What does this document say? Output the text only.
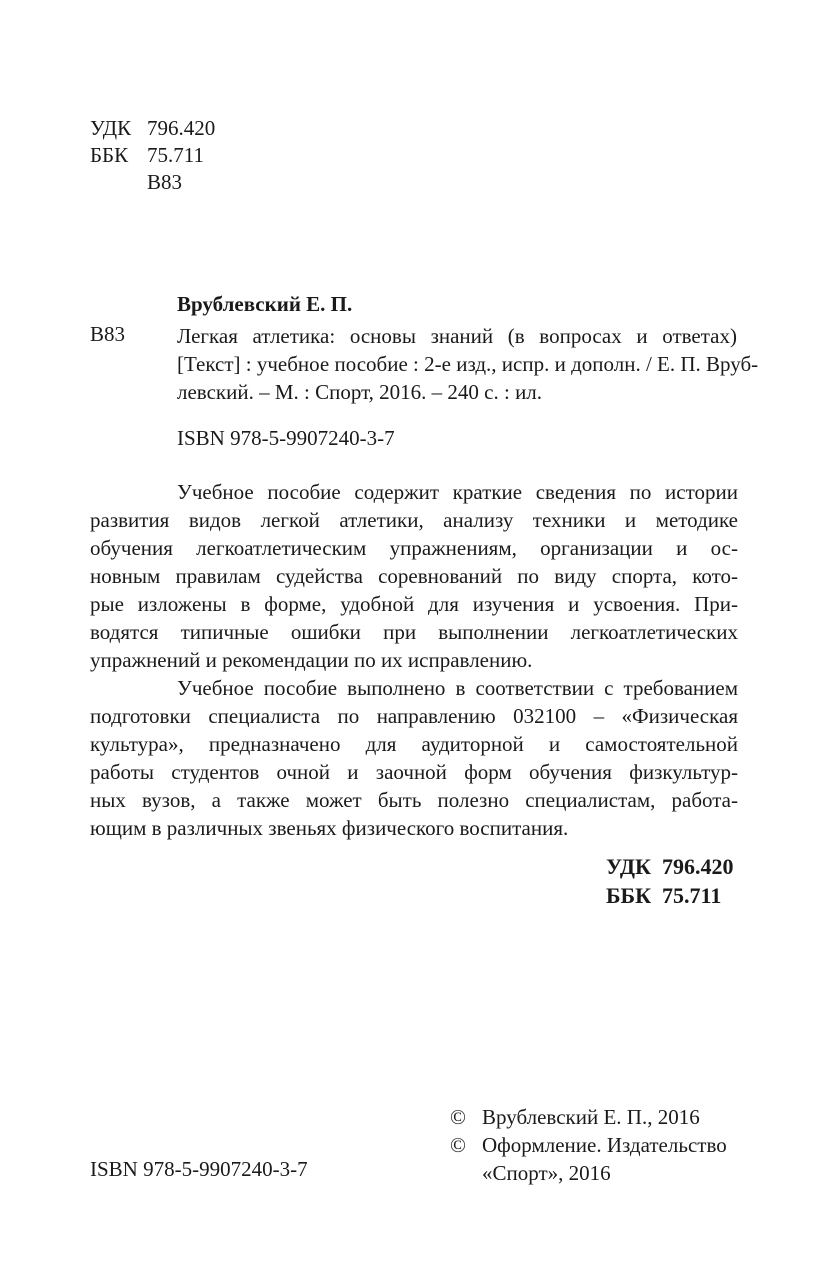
УДК 796.420
ББК 75.711
В83
Врублевский Е. П.
В83 Легкая атлетика: основы знаний (в вопросах и ответах)
[Текст] : учебное пособие : 2-е изд., испр. и дополн. / Е. П. Вруб-
левский. – М. : Спорт, 2016. – 240 с. : ил.
ISBN 978-5-9907240-3-7
Учебное пособие содержит краткие сведения по истории
развития видов легкой атлетики, анализу техники и методике
обучения легкоатлетическим упражнениям, организации и ос-
новным правилам судейства соревнований по виду спорта, кото-
рые изложены в форме, удобной для изучения и усвоения. При-
водятся типичные ошибки при выполнении легкоатлетических
упражнений и рекомендации по их исправлению.
Учебное пособие выполнено в соответствии с требованием
подготовки специалиста по направлению 032100 – «Физическая
культура», предназначено для аудиторной и самостоятельной
работы студентов очной и заочной форм обучения физкультур-
ных вузов, а также может быть полезно специалистам, работа-
ющим в различных звеньях физического воспитания.
УДК  796.420
ББК  75.711
© Врублевский Е. П., 2016
© Оформление. Издательство
«Спорт», 2016
ISBN 978-5-9907240-3-7
